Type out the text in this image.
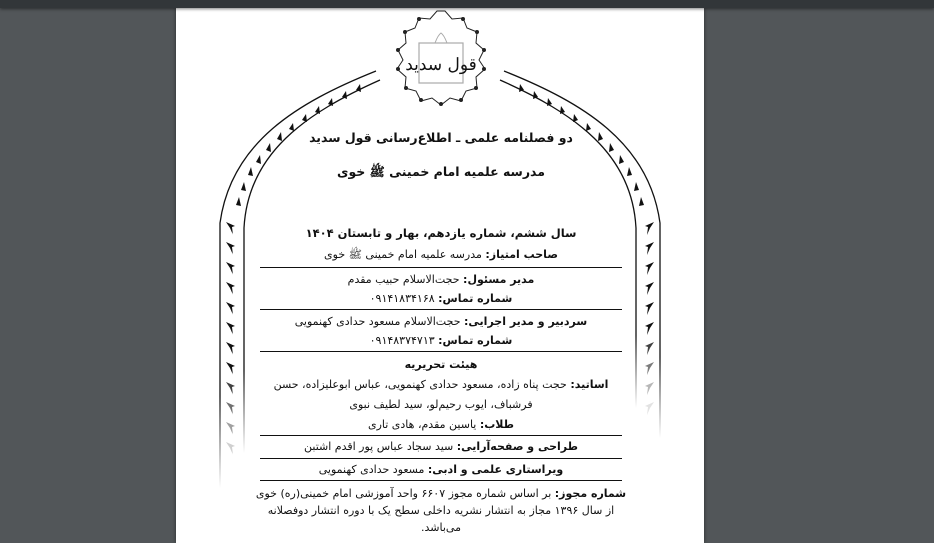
قول سدید
دو فصلنامه علمی ـ اطلاع‌رسانی قول سدید
مدرسه علمیه امام خمینی ﷺ خوی
سال ششم، شماره یازدهم، بهار و تابستان ۱۴۰۴
صاحب امتیاز: مدرسه علمیه امام خمینی ﷺ خوی
مدیر مسئول: حجت‌الاسلام حبیب مقدم
شماره تماس: ۰۹۱۴۱۸۳۴۱۶۸
سردبیر و مدیر اجرایی: حجت‌الاسلام مسعود حدادی کهنمویی
شماره تماس: ۰۹۱۴۸۳۷۴۷۱۳
هیئت تحریریه
اساتید: حجت پناه زاده، مسعود حدادی کهنمویی، عباس ابوعلیزاده، حسن
فرشباف، ایوب رحیم‌لو، سید لطیف نبوی
طلاب: یاسین مقدم، هادی تاری
طراحی و صفحه‌آرایی: سید سجاد عباس پور اقدم اشتبن
ویراستاری علمی و ادبی: مسعود حدادی کهنمویی
شماره مجوز: بر اساس شماره مجوز ۶۶۰۷ واحد آموزشی امام خمینی(ره) خوی
از سال ۱۳۹۶ مجاز به انتشار نشریه داخلی سطح یک با دوره انتشار دوفصلانه
می‌باشد.
